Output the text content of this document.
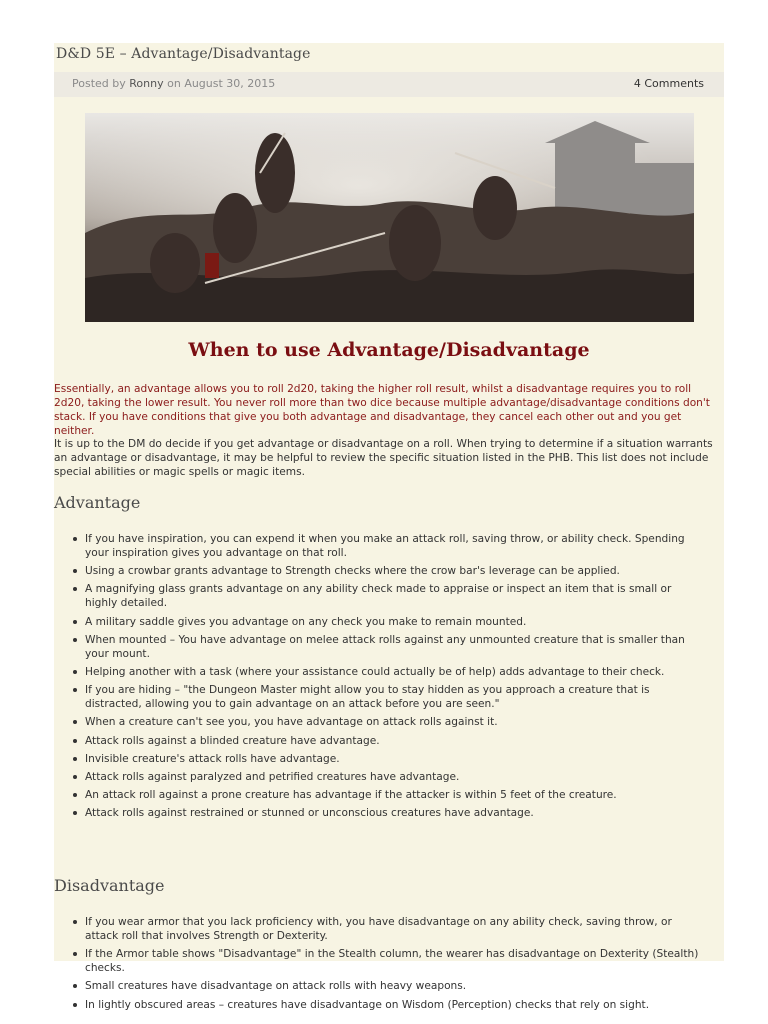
D&D 5E – Advantage/Disadvantage
Posted by Ronny on August 30, 2015	4 Comments
When to use Advantage/Disadvantage

Essentially, an advantage allows you to roll 2d20, taking the higher roll result, whilst a disadvantage requires you to roll 2d20, taking the lower result. You never roll more than two dice because multiple advantage/disadvantage conditions don't stack. If you have conditions that give you both advantage and disadvantage, they cancel each other out and you get neither.

It is up to the DM do decide if you get advantage or disadvantage on a roll. When trying to determine if a situation warrants an advantage or disadvantage, it may be helpful to review the specific situation listed in the PHB. This list does not include special abilities or magic spells or magic items.

Advantage
If you have inspiration, you can expend it when you make an attack roll, saving throw, or ability check. Spending your inspiration gives you advantage on that roll.
Using a crowbar grants advantage to Strength checks where the crow bar's leverage can be applied.
A magnifying glass grants advantage on any ability check made to appraise or inspect an item that is small or highly detailed.
A military saddle gives you advantage on any check you make to remain mounted.
When mounted – You have advantage on melee attack rolls against any unmounted creature that is smaller than your mount.
Helping another with a task (where your assistance could actually be of help) adds advantage to their check.
If you are hiding – "the Dungeon Master might allow you to stay hidden as you approach a creature that is distracted, allowing you to gain advantage on an attack before you are seen."
When a creature can't see you, you have advantage on attack rolls against it.
Attack rolls against a blinded creature have advantage.
Invisible creature's attack rolls have advantage.
Attack rolls against paralyzed and petrified creatures have advantage.
An attack roll against a prone creature has advantage if the attacker is within 5 feet of the creature.
Attack rolls against restrained or stunned or unconscious creatures have advantage.
Disadvantage
If you wear armor that you lack proficiency with, you have disadvantage on any ability check, saving throw, or attack roll that involves Strength or Dexterity.
If the Armor table shows "Disadvantage" in the Stealth column, the wearer has disadvantage on Dexterity (Stealth) checks.
Small creatures have disadvantage on attack rolls with heavy weapons.
In lightly obscured areas – creatures have disadvantage on Wisdom (Perception) checks that rely on sight.
